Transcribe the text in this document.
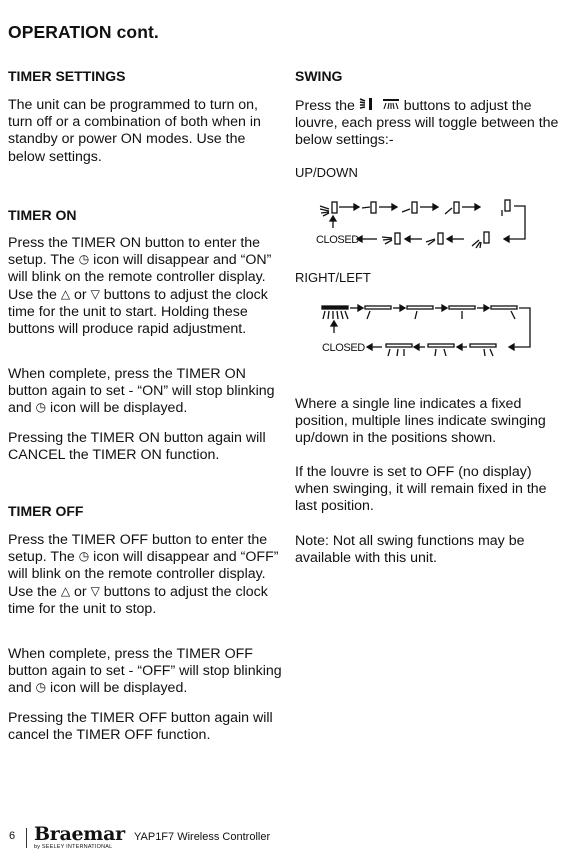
OPERATION cont.
TIMER SETTINGS
The unit can be programmed to turn on, turn off or a combination of both when in standby or power ON modes. Use the below settings.
TIMER ON
Press the TIMER ON button to enter the setup. The ◷ icon will disappear and “ON” will blink on the remote controller display. Use the △ or ▽ buttons to adjust the clock time for the unit to start. Holding these buttons will produce rapid adjustment.
When complete, press the TIMER ON button again to set - “ON” will stop blinking and ◷ icon will be displayed.
Pressing the TIMER ON button again will CANCEL the TIMER ON function.
TIMER OFF
Press the TIMER OFF button to enter the setup. The ◷ icon will disappear and “OFF” will blink on the remote controller display. Use the △ or ▽ buttons to adjust the clock time for the unit to stop.
When complete, press the TIMER OFF button again to set - “OFF” will stop blinking and ◷ icon will be displayed.
Pressing the TIMER OFF button again will cancel the TIMER OFF function.
SWING
Press the	buttons to adjust the louvre, each press will toggle between the below settings:-
UP/DOWN
CLOSED
RIGHT/LEFT
CLOSED
Where a single line indicates a fixed position, multiple lines indicate swinging up/down in the positions shown.
If the louvre is set to OFF (no display) when swinging, it will remain fixed in the last position.
Note: Not all swing functions may be available with this unit.
6 Braemar
by SEELEY INTERNATIONAL
YAP1F7 Wireless Controller
